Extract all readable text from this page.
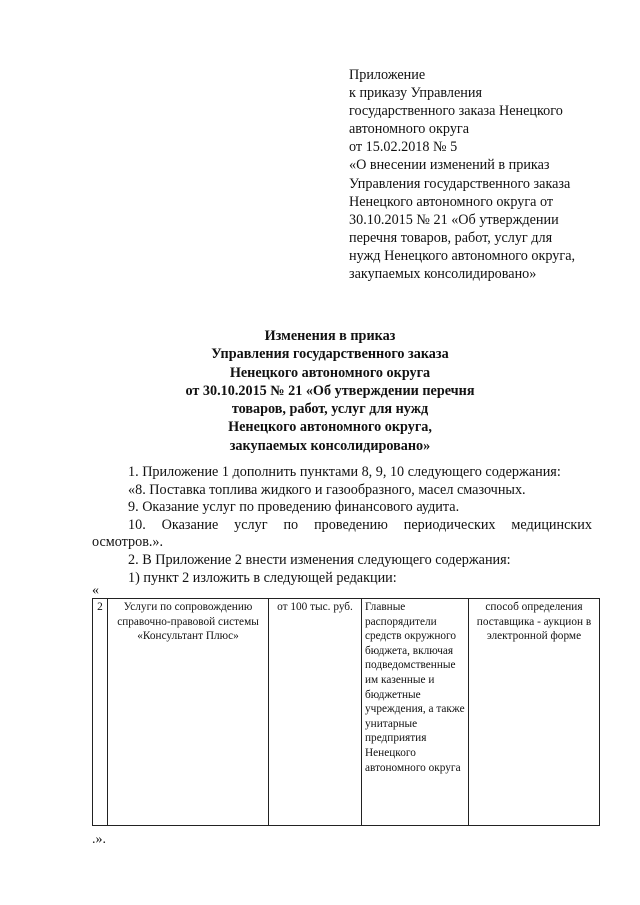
Приложение
к приказу Управления
государственного заказа Ненецкого
автономного округа
от 15.02.2018 № 5
«О внесении изменений в приказ
Управления государственного заказа
Ненецкого автономного округа от
30.10.2015 № 21 «Об утверждении
перечня товаров, работ, услуг для
нужд Ненецкого автономного округа,
закупаемых консолидировано»
Изменения в приказ
Управления государственного заказа
Ненецкого автономного округа
от 30.10.2015 № 21 «Об утверждении перечня
товаров, работ, услуг для нужд
Ненецкого автономного округа,
закупаемых консолидировано»
1. Приложение 1 дополнить пунктами 8, 9, 10 следующего содержания:
«8. Поставка топлива жидкого и газообразного, масел смазочных.
9. Оказание услуг по проведению финансового аудита.
10. Оказание услуг по проведению периодических медицинских
осмотров.».
2. В Приложение 2 внести изменения следующего содержания:
1) пункт 2 изложить в следующей редакции:
«
2	Услуги по сопровождению справочно-правовой системы «Консультант Плюс»	от 100 тыс. руб.	Главные распорядители средств окружного бюджета, включая подведомственные им казенные и бюджетные учреждения, а также унитарные предприятия Ненецкого автономного округа	способ определения поставщика - аукцион в электронной форме
.».
